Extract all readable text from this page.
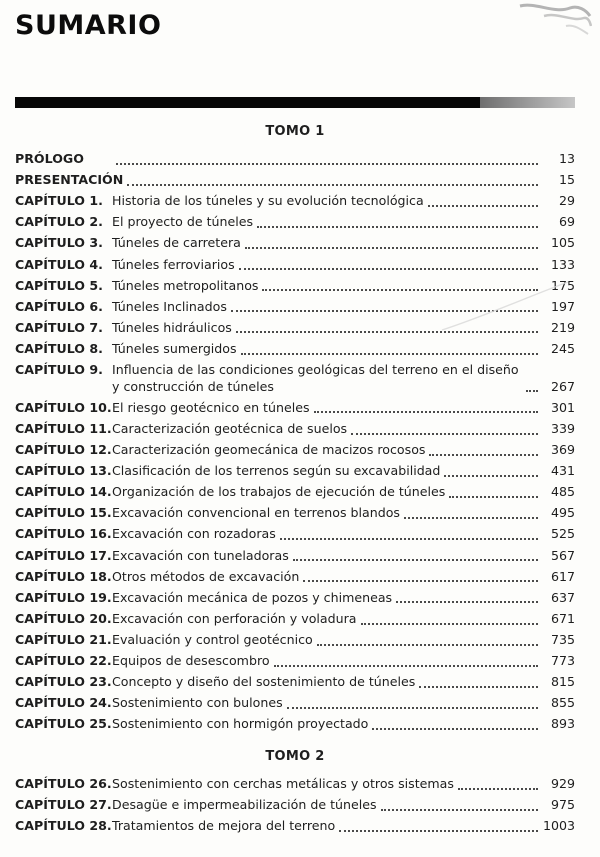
SUMARIO
TOMO 1
PRÓLOGO	13
PRESENTACIÓN	15
CAPÍTULO 1. Historia de los túneles y su evolución tecnológica	29
CAPÍTULO 2. El proyecto de túneles	69
CAPÍTULO 3. Túneles de carretera	105
CAPÍTULO 4. Túneles ferroviarios	133
CAPÍTULO 5. Túneles metropolitanos	175
CAPÍTULO 6. Túneles Inclinados	197
CAPÍTULO 7. Túneles hidráulicos	219
CAPÍTULO 8. Túneles sumergidos	245
CAPÍTULO 9. Influencia de las condiciones geológicas del terreno en el diseño y construcción de túneles	267
CAPÍTULO 10.El riesgo geotécnico en túneles	301
CAPÍTULO 11.Caracterización geotécnica de suelos	339
CAPÍTULO 12.Caracterización geomecánica de macizos rocosos	369
CAPÍTULO 13.Clasificación de los terrenos según su excavabilidad	431
CAPÍTULO 14.Organización de los trabajos de ejecución de túneles	485
CAPÍTULO 15.Excavación convencional en terrenos blandos	495
CAPÍTULO 16.Excavación con rozadoras	525
CAPÍTULO 17.Excavación con tuneladoras	567
CAPÍTULO 18.Otros métodos de excavación	617
CAPÍTULO 19.Excavación mecánica de pozos y chimeneas	637
CAPÍTULO 20.Excavación con perforación y voladura	671
CAPÍTULO 21.Evaluación y control geotécnico	735
CAPÍTULO 22.Equipos de desescombro	773
CAPÍTULO 23.Concepto y diseño del sostenimiento de túneles	815
CAPÍTULO 24.Sostenimiento con bulones	855
CAPÍTULO 25.Sostenimiento con hormigón proyectado	893
TOMO 2
CAPÍTULO 26.Sostenimiento con cerchas metálicas y otros sistemas	929
CAPÍTULO 27.Desagüe e impermeabilización de túneles	975
CAPÍTULO 28.Tratamientos de mejora del terreno	1003
